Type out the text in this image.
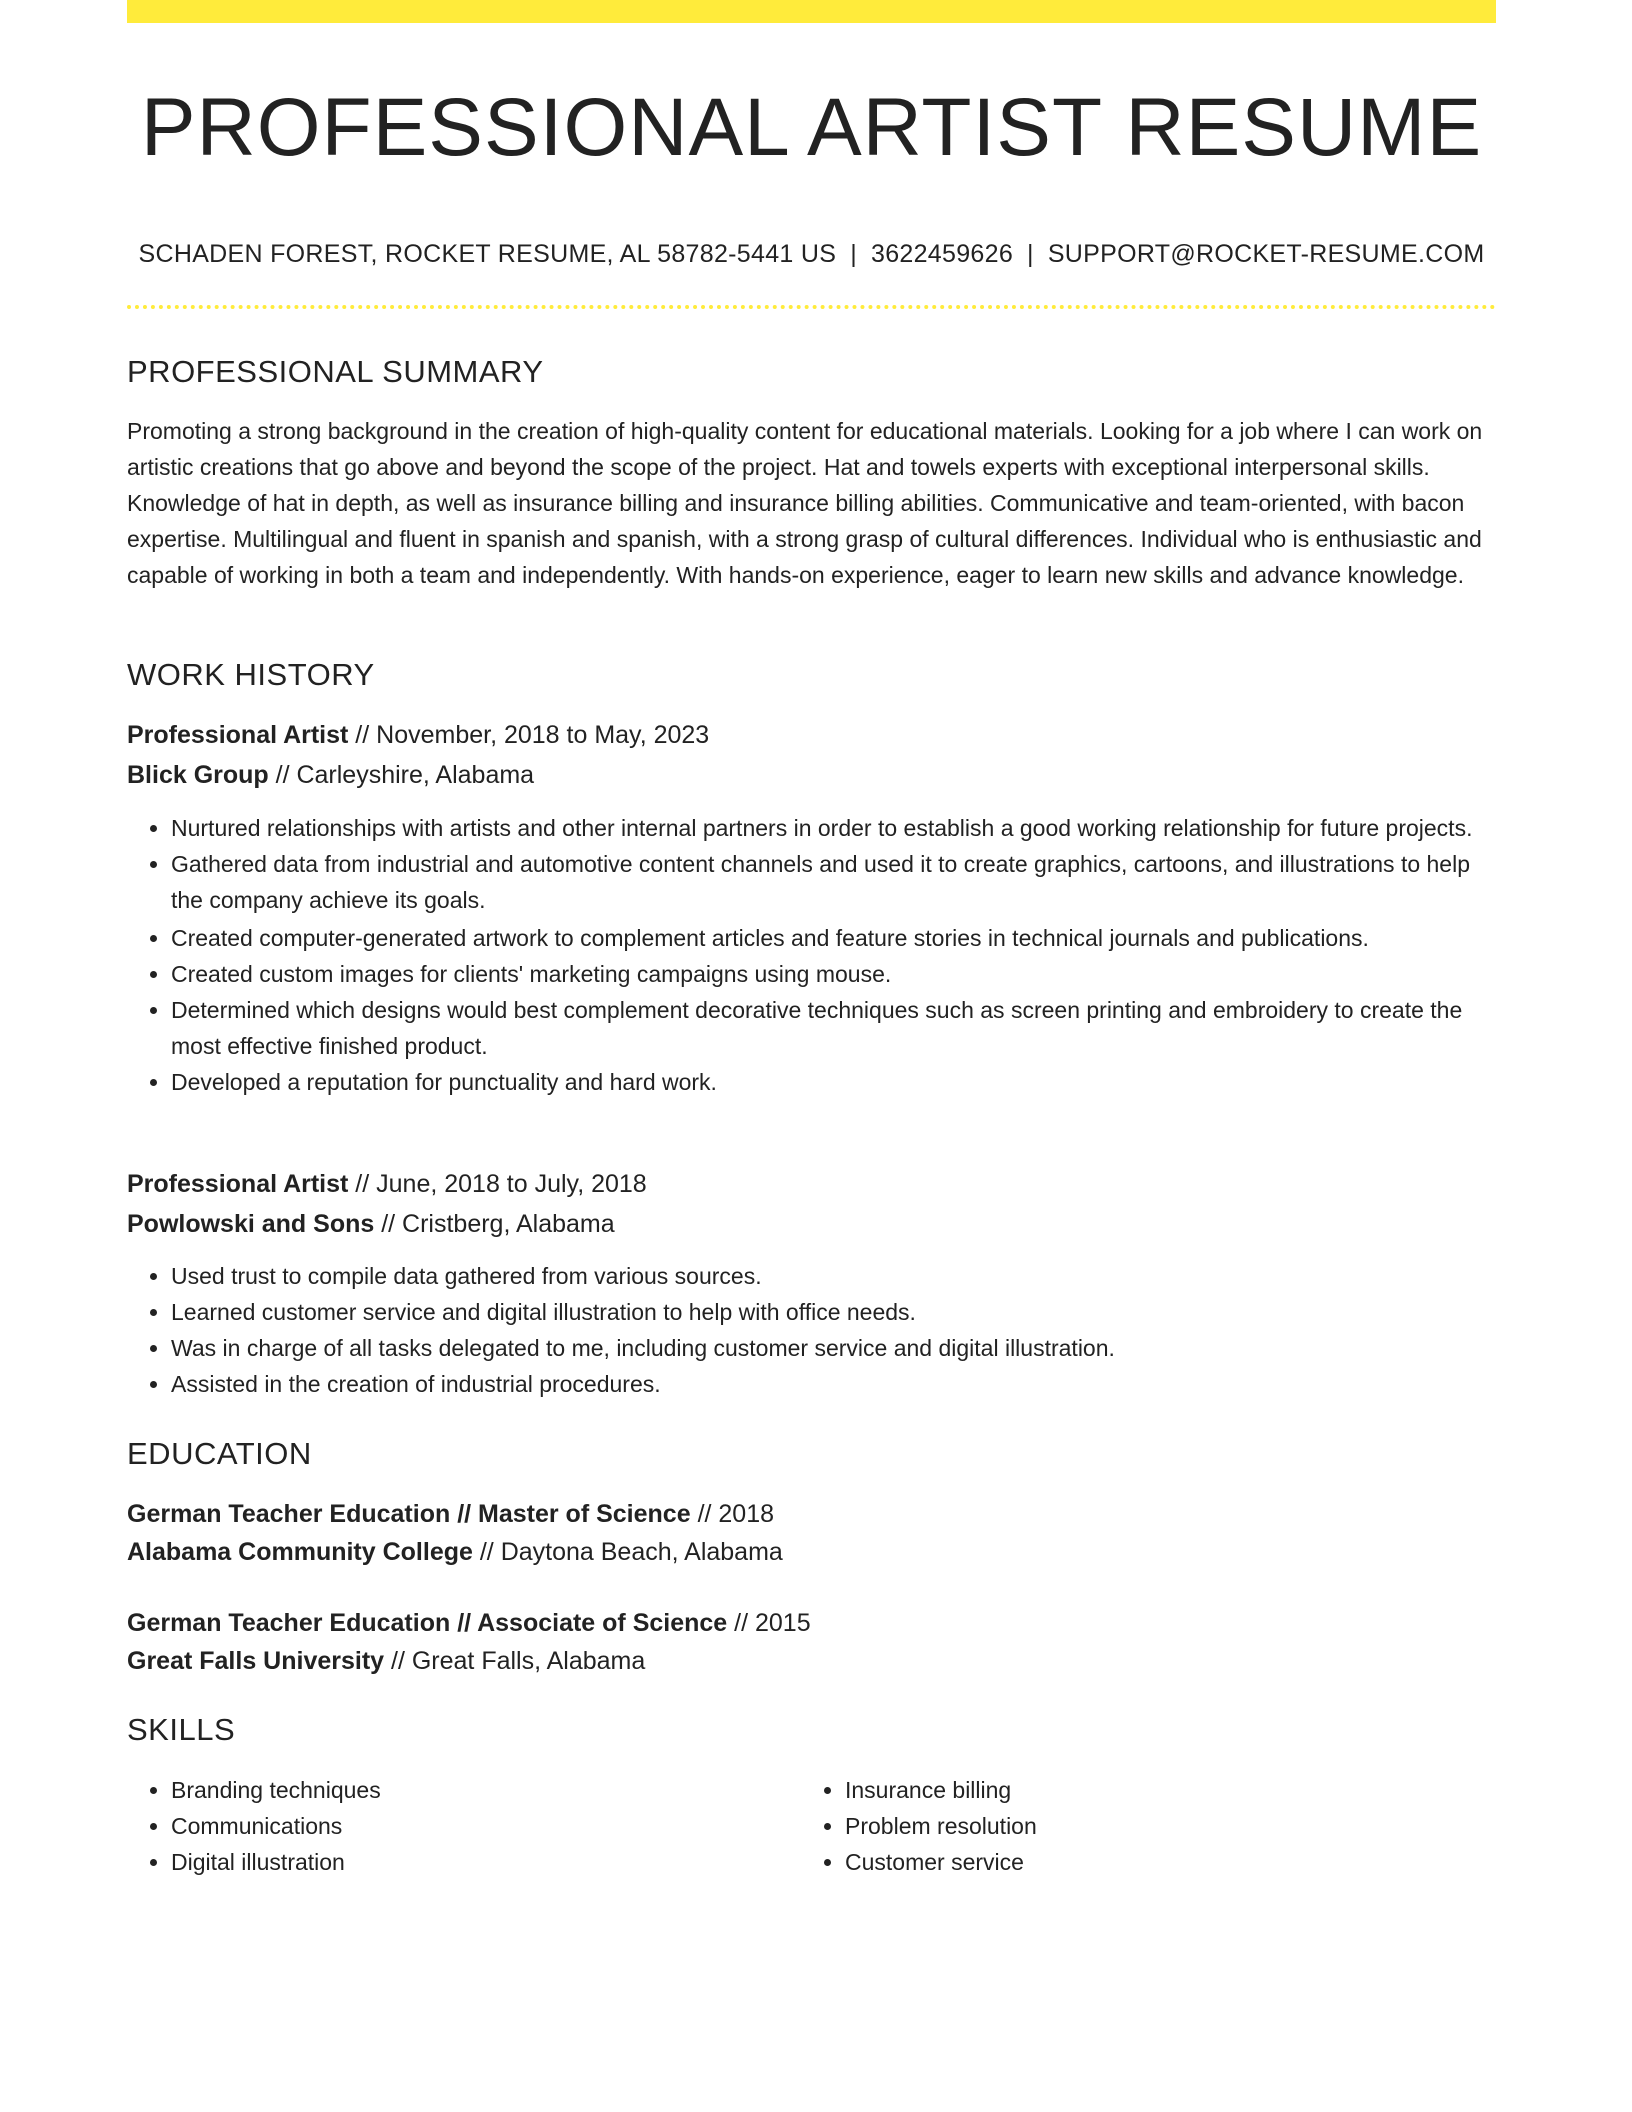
PROFESSIONAL ARTIST RESUME
SCHADEN FOREST, ROCKET RESUME, AL 58782-5441 US | 3622459626 | SUPPORT@ROCKET-RESUME.COM
PROFESSIONAL SUMMARY

Promoting a strong background in the creation of high-quality content for educational materials. Looking for a job where I can work on artistic creations that go above and beyond the scope of the project. Hat and towels experts with exceptional interpersonal skills. Knowledge of hat in depth, as well as insurance billing and insurance billing abilities. Communicative and team-oriented, with bacon expertise. Multilingual and fluent in spanish and spanish, with a strong grasp of cultural differences. Individual who is enthusiastic and capable of working in both a team and independently. With hands-on experience, eager to learn new skills and advance knowledge.

WORK HISTORY

Professional Artist // November, 2018 to May, 2023

Blick Group // Carleyshire, Alabama

• Nurtured relationships with artists and other internal partners in order to establish a good working relationship for future projects.
• Gathered data from industrial and automotive content channels and used it to create graphics, cartoons, and illustrations to help the company achieve its goals.
• Created computer-generated artwork to complement articles and feature stories in technical journals and publications.
• Created custom images for clients' marketing campaigns using mouse.
• Determined which designs would best complement decorative techniques such as screen printing and embroidery to create the most effective finished product.
• Developed a reputation for punctuality and hard work.

Professional Artist // June, 2018 to July, 2018

Powlowski and Sons // Cristberg, Alabama

• Used trust to compile data gathered from various sources.
• Learned customer service and digital illustration to help with office needs.
• Was in charge of all tasks delegated to me, including customer service and digital illustration.
• Assisted in the creation of industrial procedures.
EDUCATION

German Teacher Education // Master of Science // 2018

Alabama Community College // Daytona Beach, Alabama

German Teacher Education // Associate of Science // 2015

Great Falls University // Great Falls, Alabama

SKILLS
• Branding techniques
• Communications
• Digital illustration
• Insurance billing
• Problem resolution
• Customer service
